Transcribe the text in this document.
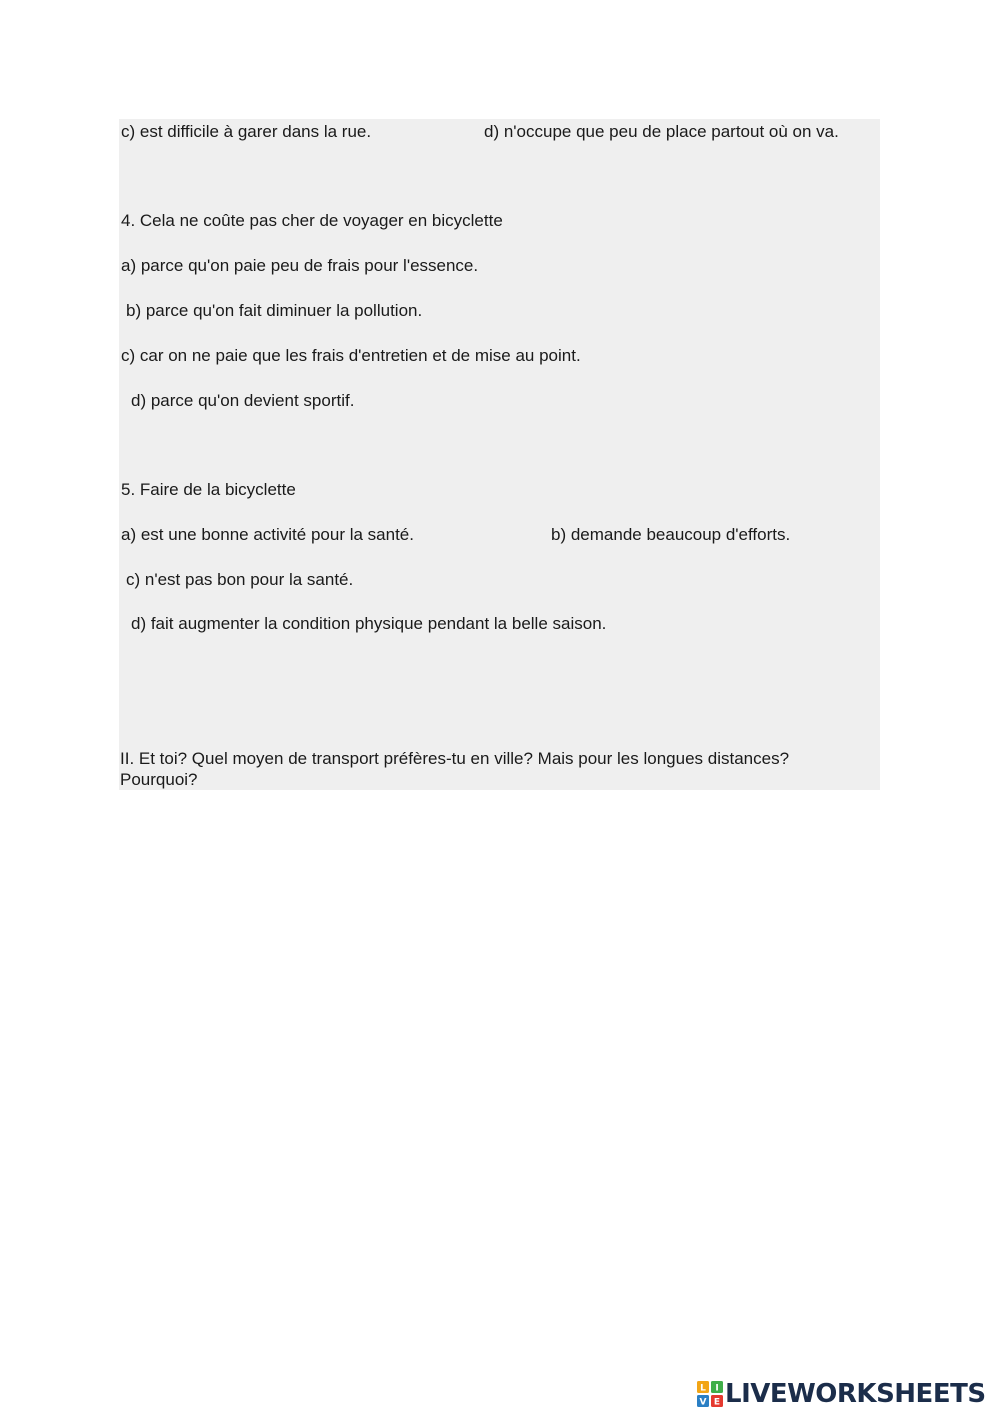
c) est difficile à garer dans la rue.	d) n'occupe que peu de place partout où on va.
4. Cela ne coûte pas cher de voyager en bicyclette
a) parce qu'on paie peu de frais pour l'essence.
b) parce qu'on fait diminuer la pollution.
c) car on ne paie que les frais d'entretien et de mise au point.
d) parce qu'on devient sportif.
5. Faire de la bicyclette
a) est une bonne activité pour la santé.	b) demande beaucoup d'efforts.
c) n'est pas bon pour la santé.
d) fait augmenter la condition physique pendant la belle saison.
II. Et toi? Quel moyen de transport préfères-tu en ville? Mais pour les longues distances? Pourquoi?
L I
V E LIVEWORKSHEETS
